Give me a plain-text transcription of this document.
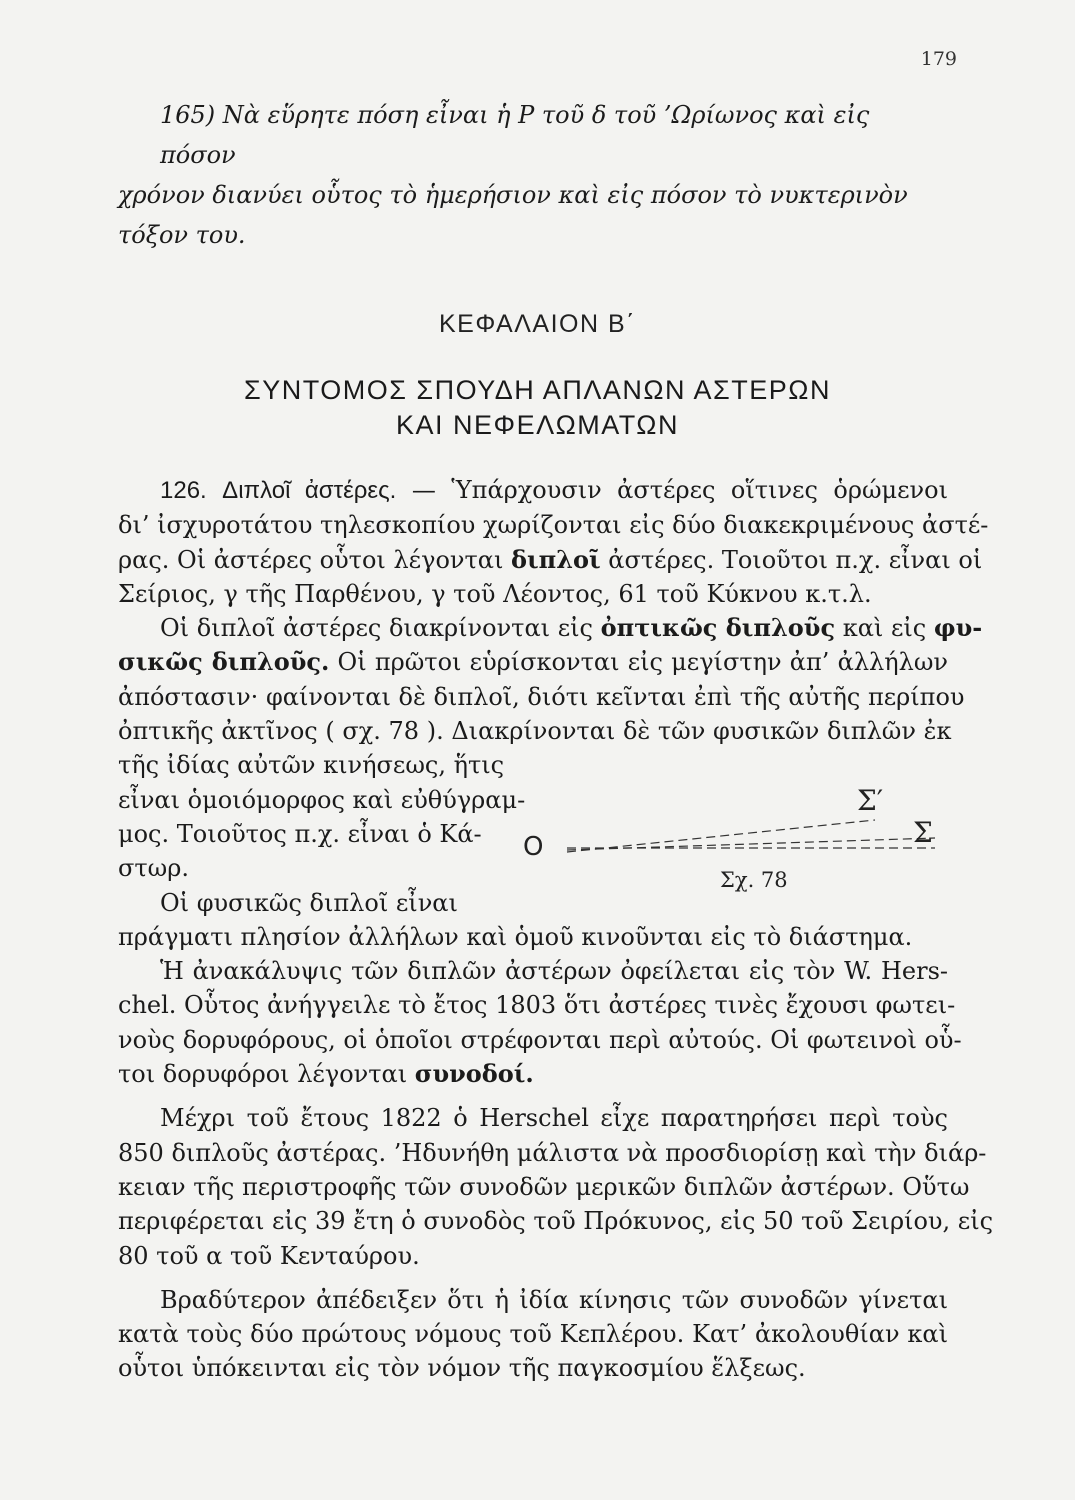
179
165) Νὰ εὕρητε πόση εἶναι ἡ P τοῦ δ τοῦ ’Ωρίωνος καὶ εἰς πόσον
χρόνον διανύει οὗτος τὸ ἡμερήσιον καὶ εἰς πόσον τὸ νυκτερινὸν τόξον του.
ΚΕΦΑΛΑΙΟΝ Β΄
ΣΥΝΤΟΜΟΣ ΣΠΟΥΔΗ ΑΠΛΑΝΩΝ ΑΣΤΕΡΩΝ
ΚΑΙ ΝΕΦΕΛΩΜΑΤΩΝ
126. Διπλοῖ ἀστέρες. — Ὑπάρχουσιν ἀστέρες οἵτινες ὁρώμενοι
δι’ ἰσχυροτάτου τηλεσκοπίου χωρίζονται εἰς δύο διακεκριμένους ἀστέ-
ρας. Οἱ ἀστέρες οὗτοι λέγονται διπλοῖ ἀστέρες. Τοιοῦτοι π.χ. εἶναι οἱ
Σείριος, γ τῆς Παρθένου, γ τοῦ Λέοντος, 61 τοῦ Κύκνου κ.τ.λ.
Οἱ διπλοῖ ἀστέρες διακρίνονται εἰς ὀπτικῶς διπλοῦς καὶ εἰς φυ-
σικῶς διπλοῦς. Οἱ πρῶτοι εὑρίσκονται εἰς μεγίστην ἀπ’ ἀλλήλων
ἀπόστασιν· φαίνονται δὲ διπλοῖ, διότι κεῖνται ἐπὶ τῆς αὐτῆς περίπου
ὀπτικῆς ἀκτῖνος ( σχ. 78 ). Διακρίνονται δὲ τῶν φυσικῶν διπλῶν ἐκ
τῆς ἰδίας αὐτῶν κινήσεως, ἥτις
εἶναι ὁμοιόμορφος καὶ εὐθύγραμ-
μος. Τοιοῦτος π.χ. εἶναι ὁ Κά-
στωρ.
Οἱ φυσικῶς διπλοῖ εἶναι
πράγματι πλησίον ἀλλήλων καὶ ὁμοῦ κινοῦνται εἰς τὸ διάστημα.
Ἡ ἀνακάλυψις τῶν διπλῶν ἀστέρων ὀφείλεται εἰς τὸν W. Hers-
chel. Οὗτος ἀνήγγειλε τὸ ἔτος 1803 ὅτι ἀστέρες τινὲς ἔχουσι φωτει-
νοὺς δορυφόρους, οἱ ὁποῖοι στρέφονται περὶ αὐτούς. Οἱ φωτεινοὶ οὗ-
τοι δορυφόροι λέγονται συνοδοί.
Μέχρι τοῦ ἔτους 1822 ὁ Herschel εἶχε παρατηρήσει περὶ τοὺς
850 διπλοῦς ἀστέρας. ’Ηδυνήθη μάλιστα νὰ προσδιορίσῃ καὶ τὴν διάρ-
κειαν τῆς περιστροφῆς τῶν συνοδῶν μερικῶν διπλῶν ἀστέρων. Οὕτω
περιφέρεται εἰς 39 ἔτη ὁ συνοδὸς τοῦ Πρόκυνος, εἰς 50 τοῦ Σειρίου, εἰς
80 τοῦ α τοῦ Κενταύρου.
Βραδύτερον ἀπέδειξεν ὅτι ἡ ἰδία κίνησις τῶν συνοδῶν γίνεται
κατὰ τοὺς δύο πρώτους νόμους τοῦ Κεπλέρου. Κατ’ ἀκολουθίαν καὶ
οὗτοι ὑπόκεινται εἰς τὸν νόμον τῆς παγκοσμίου ἕλξεως.
O
Σ′
Σ
Σχ. 78
